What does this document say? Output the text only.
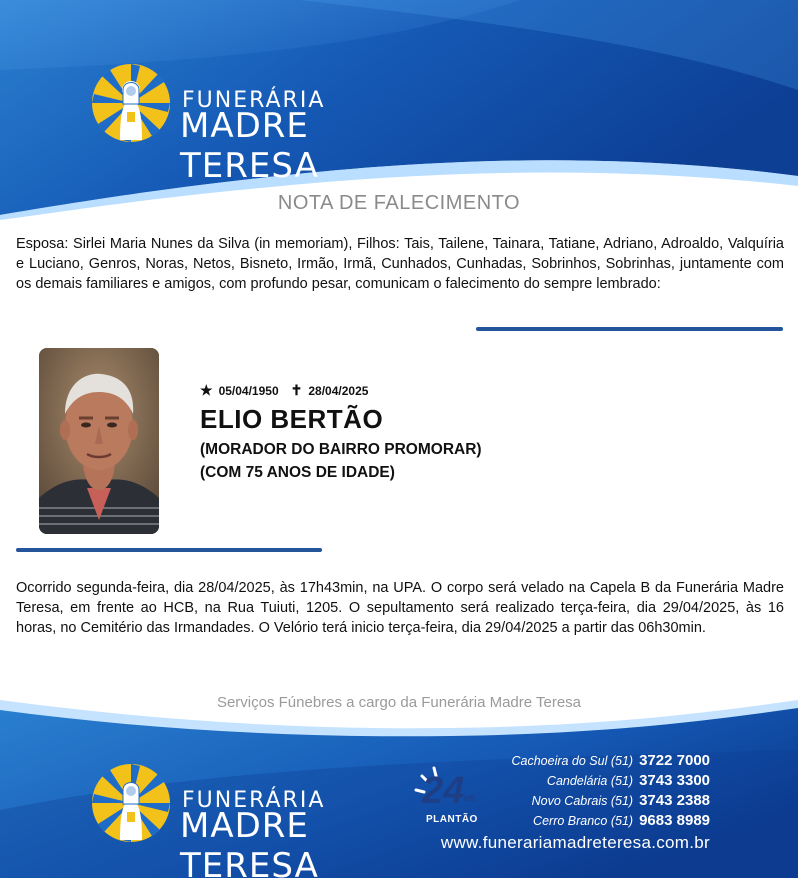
FUNERÁRIA
MADRE TERESA
NOTA DE FALECIMENTO
Esposa: Sirlei Maria Nunes da Silva (in memoriam), Filhos: Tais, Tailene, Tainara, Tatiane, Adriano, Adroaldo, Valquíria e Luciano, Genros, Noras, Netos, Bisneto, Irmão, Irmã, Cunhados, Cunhadas, Sobrinhos, Sobrinhas, juntamente com os demais familiares e amigos, com profundo pesar, comunicam o falecimento do sempre lembrado:
★ 05/04/1950 ✝ 28/04/2025
ELIO BERTÃO
(MORADOR DO BAIRRO PROMORAR)
(COM 75 ANOS DE IDADE)
Ocorrido segunda-feira, dia 28/04/2025, às 17h43min, na UPA. O corpo será velado na Capela B da Funerária Madre Teresa, em frente ao HCB, na Rua Tuiuti, 1205. O sepultamento será realizado terça-feira, dia 29/04/2025, às 16 horas, no Cemitério das Irmandades. O Velório terá inicio terça-feira, dia 29/04/2025 a partir das 06h30min.
Serviços Fúnebres a cargo da Funerária Madre Teresa
FUNERÁRIA
MADRE TERESA
24 HS
PLANTÃO
Cachoeira do Sul (51) 3722 7000
Candelária (51) 3743 3300
Novo Cabrais (51) 3743 2388
Cerro Branco (51) 9683 8989
www.funerariamadreteresa.com.br
